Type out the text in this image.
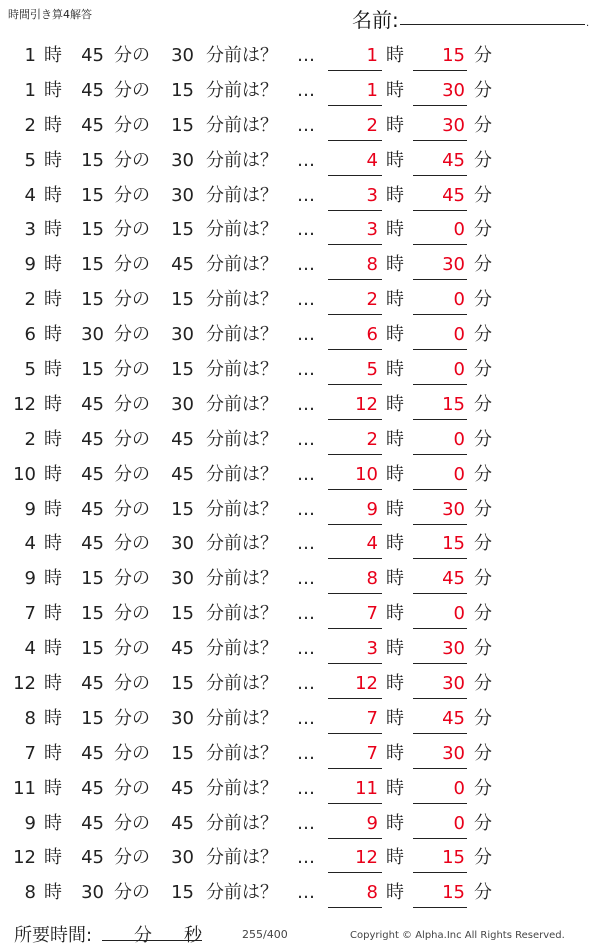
時間引き算4解答	名前:	.
1 時	45 分の	30 分前は？ …	1 時	15 分
1 時	45 分の	15 分前は？ …	1 時	30 分
2 時	45 分の	15 分前は？ …	2 時	30 分
5 時	15 分の	30 分前は？ …	4 時	45 分
4 時	15 分の	30 分前は？ …	3 時	45 分
3 時	15 分の	15 分前は？ …	3 時	0 分
9 時	15 分の	45 分前は？ …	8 時	30 分
2 時	15 分の	15 分前は？ …	2 時	0 分
6 時	30 分の	30 分前は？ …	6 時	0 分
5 時	15 分の	15 分前は？ …	5 時	0 分
12 時	45 分の	30 分前は？ …	12 時	15 分
2 時	45 分の	45 分前は？ …	2 時	0 分
10 時	45 分の	45 分前は？ …	10 時	0 分
9 時	45 分の	15 分前は？ …	9 時	30 分
4 時	45 分の	30 分前は？ …	4 時	15 分
9 時	15 分の	30 分前は？ …	8 時	45 分
7 時	15 分の	15 分前は？ …	7 時	0 分
4 時	15 分の	45 分前は？ …	3 時	30 分
12 時	45 分の	15 分前は？ …	12 時	30 分
8 時	15 分の	30 分前は？ …	7 時	45 分
7 時	45 分の	15 分前は？ …	7 時	30 分
11 時	45 分の	45 分前は？ …	11 時	0 分
9 時	45 分の	45 分前は？ …	9 時	0 分
12 時	45 分の	30 分前は？ …	12 時	15 分
8 時	30 分の	15 分前は？ …	8 時	15 分
所要時間: 分 秒	255/400	Copyright © Alpha.Inc All Rights Reserved.
